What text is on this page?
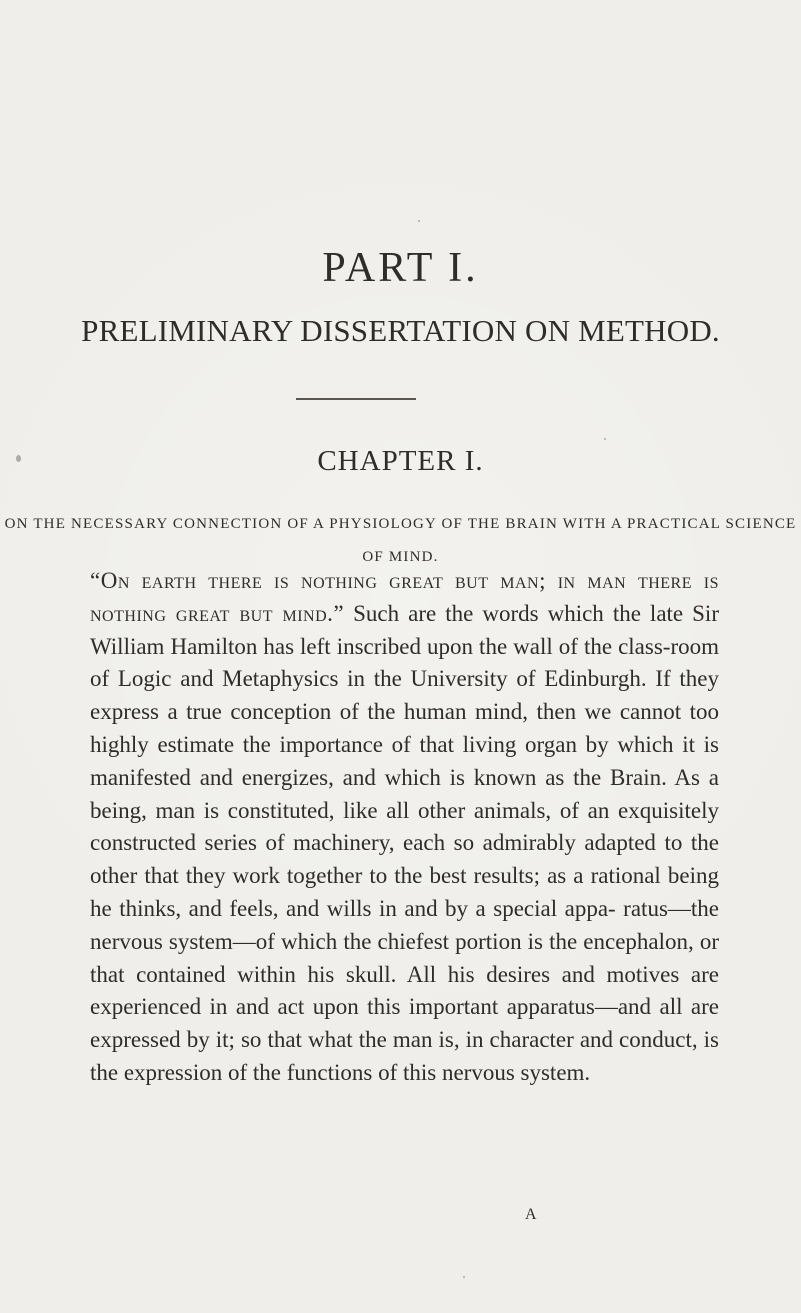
PART I.
PRELIMINARY DISSERTATION ON METHOD.
CHAPTER I.
ON THE NECESSARY CONNECTION OF A PHYSIOLOGY OF THE BRAIN WITH A PRACTICAL SCIENCE OF MIND.

“On earth there is nothing great but man; in man there is nothing great but mind.” Such are the words which the late Sir William Hamilton has left inscribed upon the wall of the class-room of Logic and Metaphysics in the University of Edinburgh. If they express a true conception of the human mind, then we cannot too highly estimate the importance of that living organ by which it is manifested and energizes, and which is known as the Brain. As a being, man is constituted, like all other animals, of an exquisitely constructed series of machinery, each so admirably adapted to the other that they work together to the best results; as a rational being he thinks, and feels, and wills in and by a special appa- ratus—the nervous system—of which the chiefest portion is the encephalon, or that contained within his skull. All his desires and motives are experienced in and act upon this important apparatus—and all are expressed by it; so that what the man is, in character and conduct, is the expression of the functions of this nervous system.

A
